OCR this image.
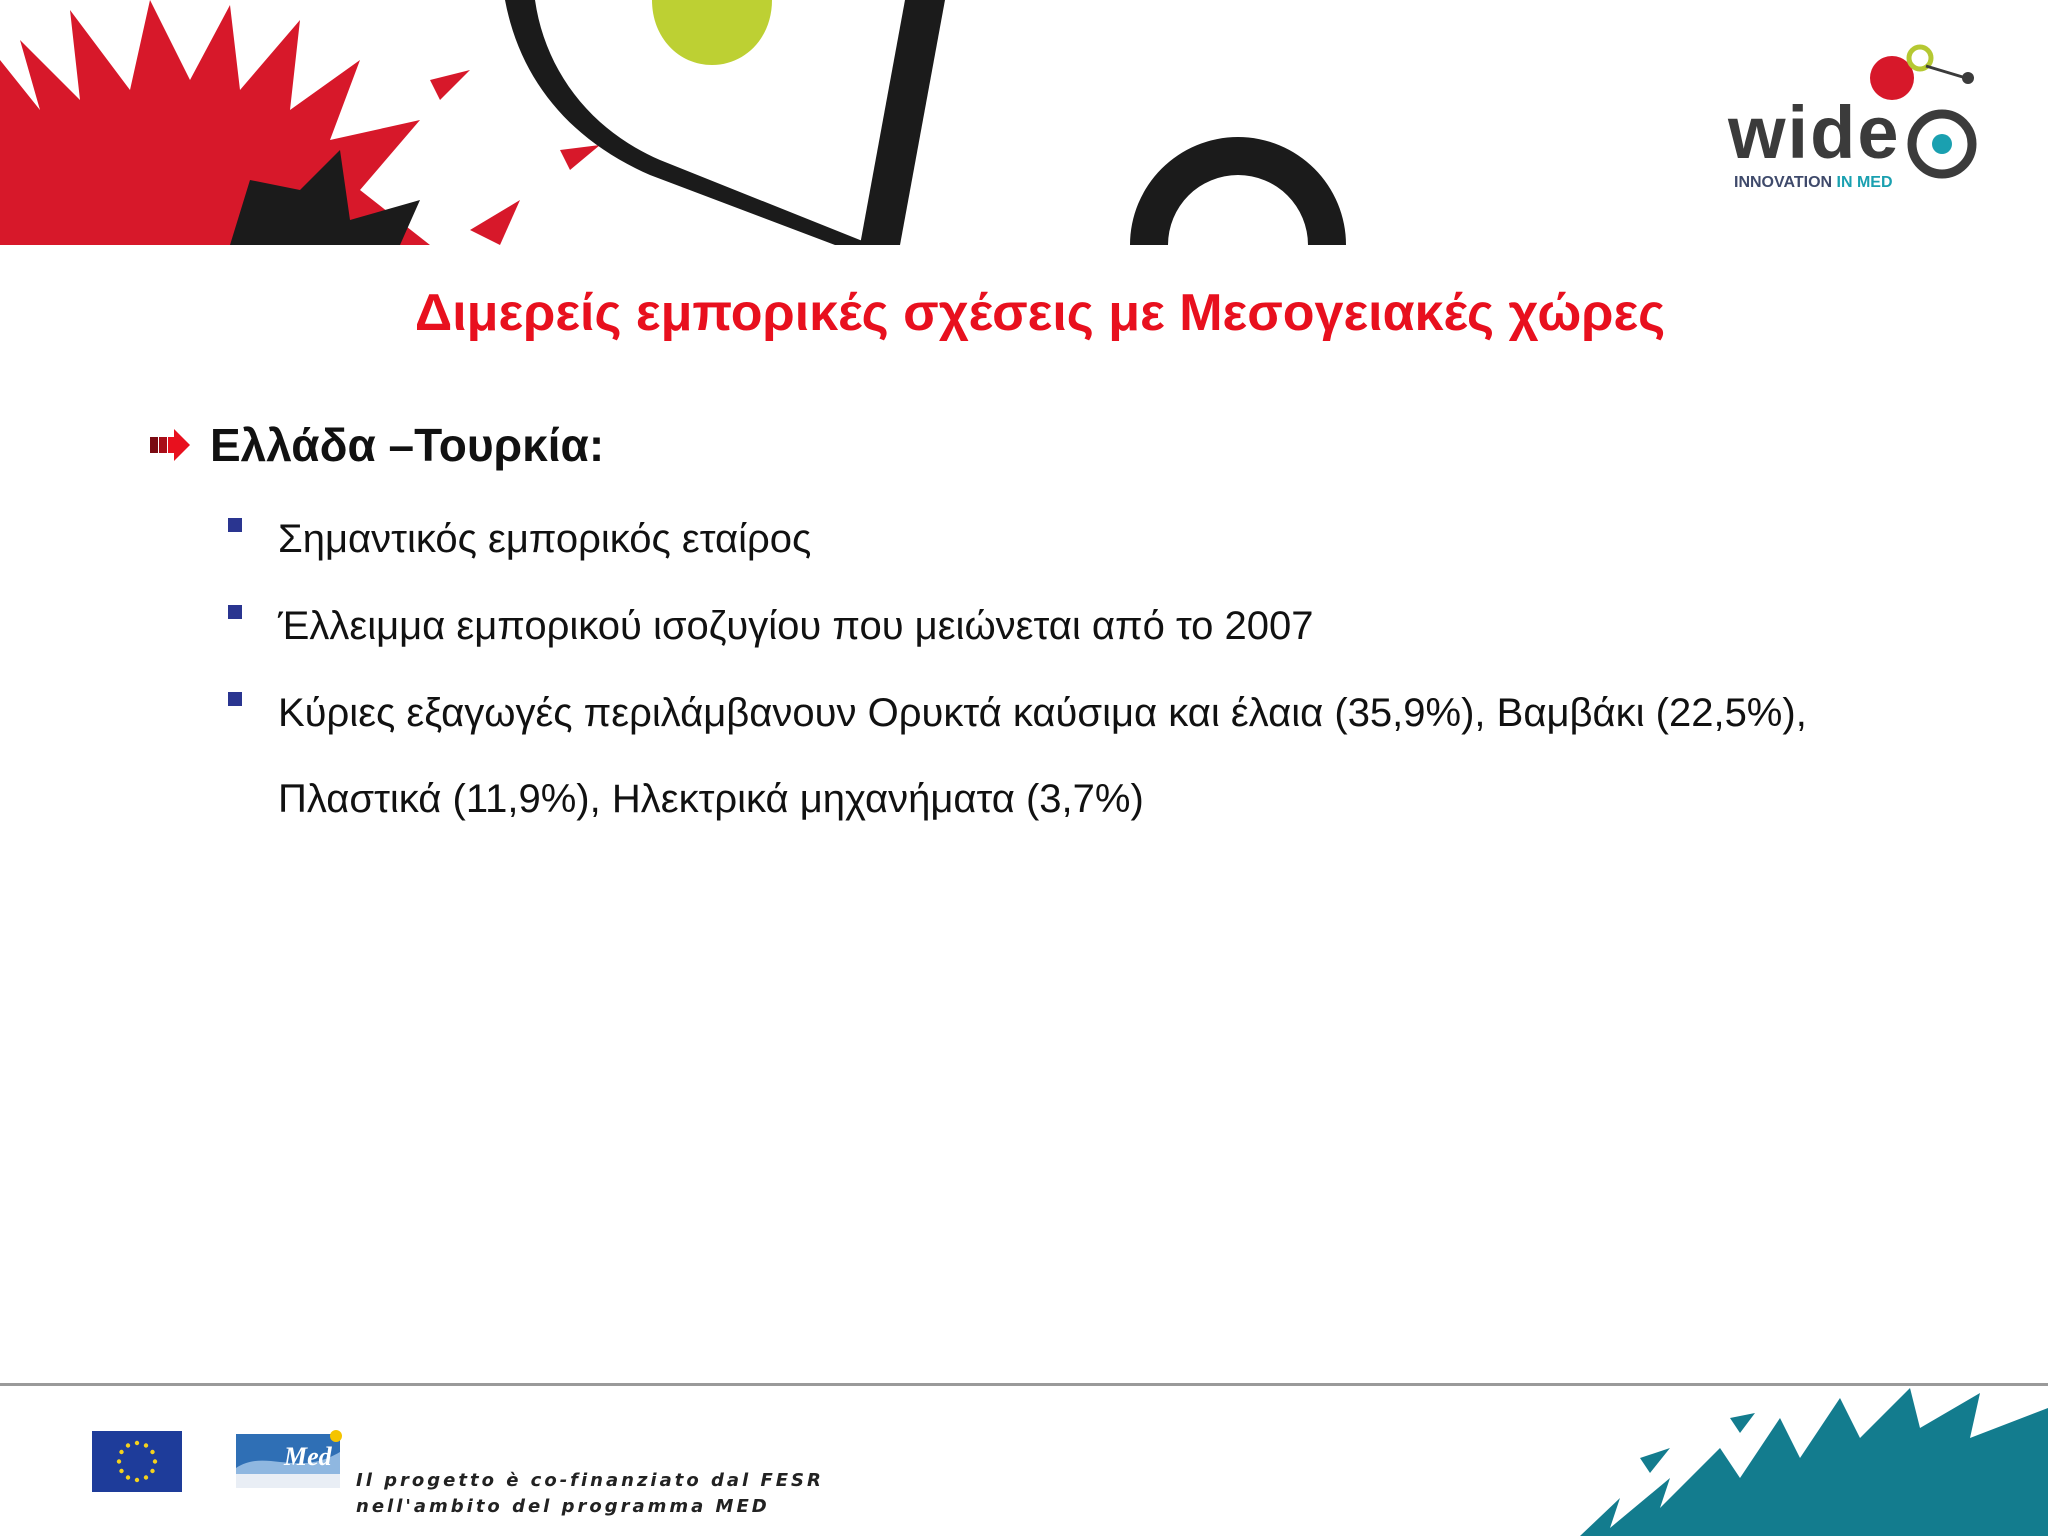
wide
INNOVATION IN MED
Διμερείς εμπορικές σχέσεις με Μεσογειακές χώρες
Ελλάδα –Τουρκία:
Σημαντικός εμπορικός εταίρος
Έλλειμμα εμπορικού ισοζυγίου που μειώνεται από το 2007
Κύριες εξαγωγές περιλάμβανουν Ορυκτά καύσιμα και έλαια (35,9%), Βαμβάκι (22,5%), Πλαστικά (11,9%), Ηλεκτρικά μηχανήματα (3,7%)
Med
Il progetto è co-finanziato dal FESR
nell'ambito del programma MED
